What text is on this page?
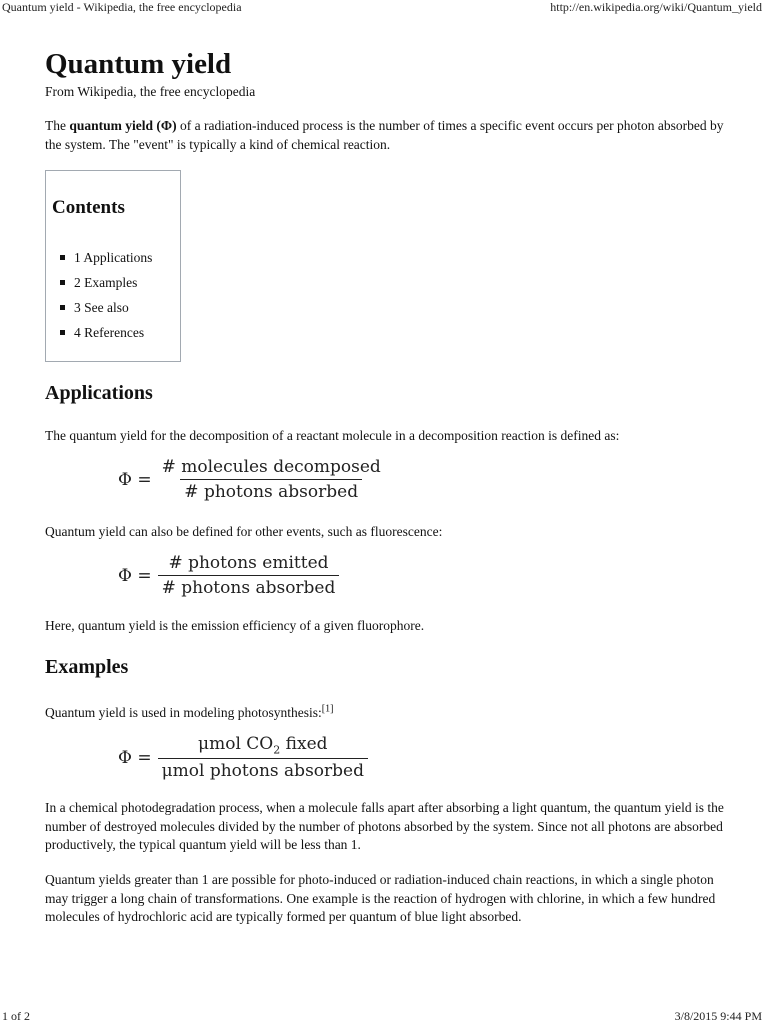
Quantum yield - Wikipedia, the free encyclopedia	http://en.wikipedia.org/wiki/Quantum_yield
Quantum yield
From Wikipedia, the free encyclopedia

The quantum yield (Φ) of a radiation-induced process is the number of times a specific event occurs per photon absorbed by the system. The "event" is typically a kind of chemical reaction.

Contents
1 Applications
2 Examples
3 See also
4 References
Applications

The quantum yield for the decomposition of a reactant molecule in a decomposition reaction is defined as:

$\Phi = \frac{\text{\# molecules decomposed}}{\text{\# photons absorbed}}$

Quantum yield can also be defined for other events, such as fluorescence:

$\Phi = \frac{\text{\# photons emitted}}{\text{\# photons absorbed}}$

Here, quantum yield is the emission efficiency of a given fluorophore.

Examples

Quantum yield is used in modeling photosynthesis:[1]

$\Phi = \frac{\mu mol CO_2 fixed}{\text{μmol photons absorbed}}$

In a chemical photodegradation process, when a molecule falls apart after absorbing a light quantum, the quantum yield is the number of destroyed molecules divided by the number of photons absorbed by the system. Since not all photons are absorbed productively, the typical quantum yield will be less than 1.

Quantum yields greater than 1 are possible for photo-induced or radiation-induced chain reactions, in which a single photon may trigger a long chain of transformations. One example is the reaction of hydrogen with chlorine, in which a few hundred molecules of hydrochloric acid are typically formed per quantum of blue light absorbed.

1 of 2	3/8/2015 9:44 PM
